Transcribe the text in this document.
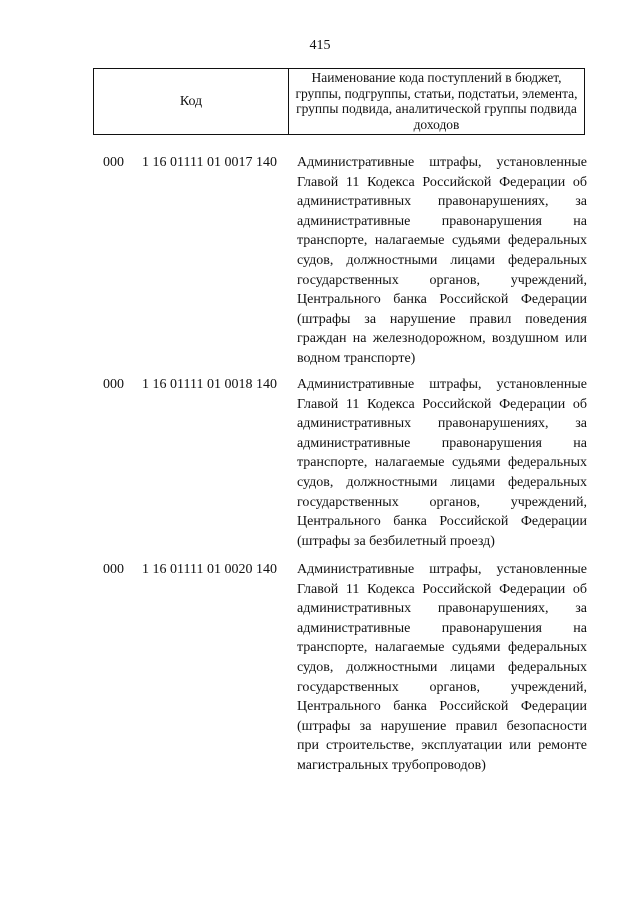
415
Код
Наименование кода поступлений в бюджет, группы, подгруппы, статьи, подстатьи, элемента, группы подвида, аналитической группы подвида доходов
000 1 16 01111 01 0017 140 Административные штрафы, установленные
Главой 11 Кодекса Российской Федерации об
административных правонарушениях, за
административные правонарушения на
транспорте, налагаемые судьями федеральных
судов, должностными лицами федеральных
государственных органов, учреждений,
Центрального банка Российской Федерации
(штрафы за нарушение правил поведения
граждан на железнодорожном, воздушном или
водном транспорте)
000 1 16 01111 01 0018 140 Административные штрафы, установленные
Главой 11 Кодекса Российской Федерации об
административных правонарушениях, за
административные правонарушения на
транспорте, налагаемые судьями федеральных
судов, должностными лицами федеральных
государственных органов, учреждений,
Центрального банка Российской Федерации
(штрафы за безбилетный проезд)
000 1 16 01111 01 0020 140 Административные штрафы, установленные
Главой 11 Кодекса Российской Федерации об
административных правонарушениях, за
административные правонарушения на
транспорте, налагаемые судьями федеральных
судов, должностными лицами федеральных
государственных органов, учреждений,
Центрального банка Российской Федерации
(штрафы за нарушение правил безопасности
при строительстве, эксплуатации или ремонте
магистральных трубопроводов)
